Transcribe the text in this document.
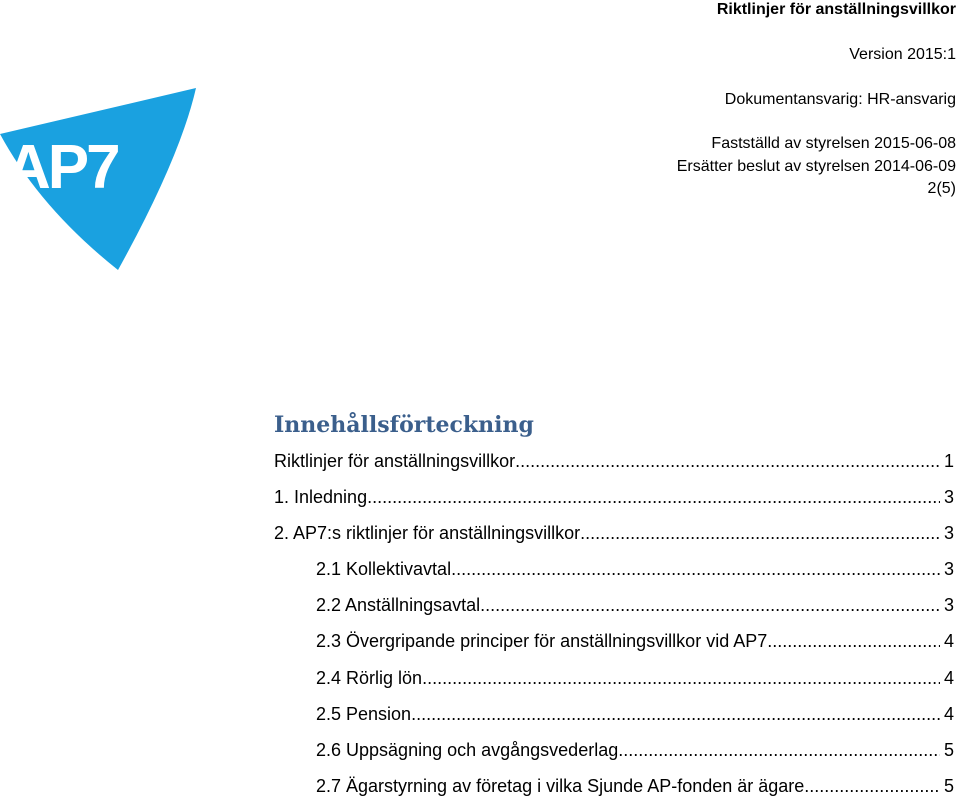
Riktlinjer för anställningsvillkor
Version 2015:1
Dokumentansvarig: HR-ansvarig
Fastställd av styrelsen 2015-06-08
Ersätter beslut av styrelsen 2014-06-09
2(5)
AP7
Innehållsförteckning
Riktlinjer för anställningsvillkor .....	1
1. Inledning .....	3
2. AP7:s riktlinjer för anställningsvillkor .....	3
2.1 Kollektivavtal .....	3
2.2 Anställningsavtal .....	3
2.3 Övergripande principer för anställningsvillkor vid AP7 .....	4
2.4 Rörlig lön .....	4
2.5 Pension .....	4
2.6 Uppsägning och avgångsvederlag .....	5
2.7 Ägarstyrning av företag i vilka Sjunde AP-fonden är ägare .....	5
